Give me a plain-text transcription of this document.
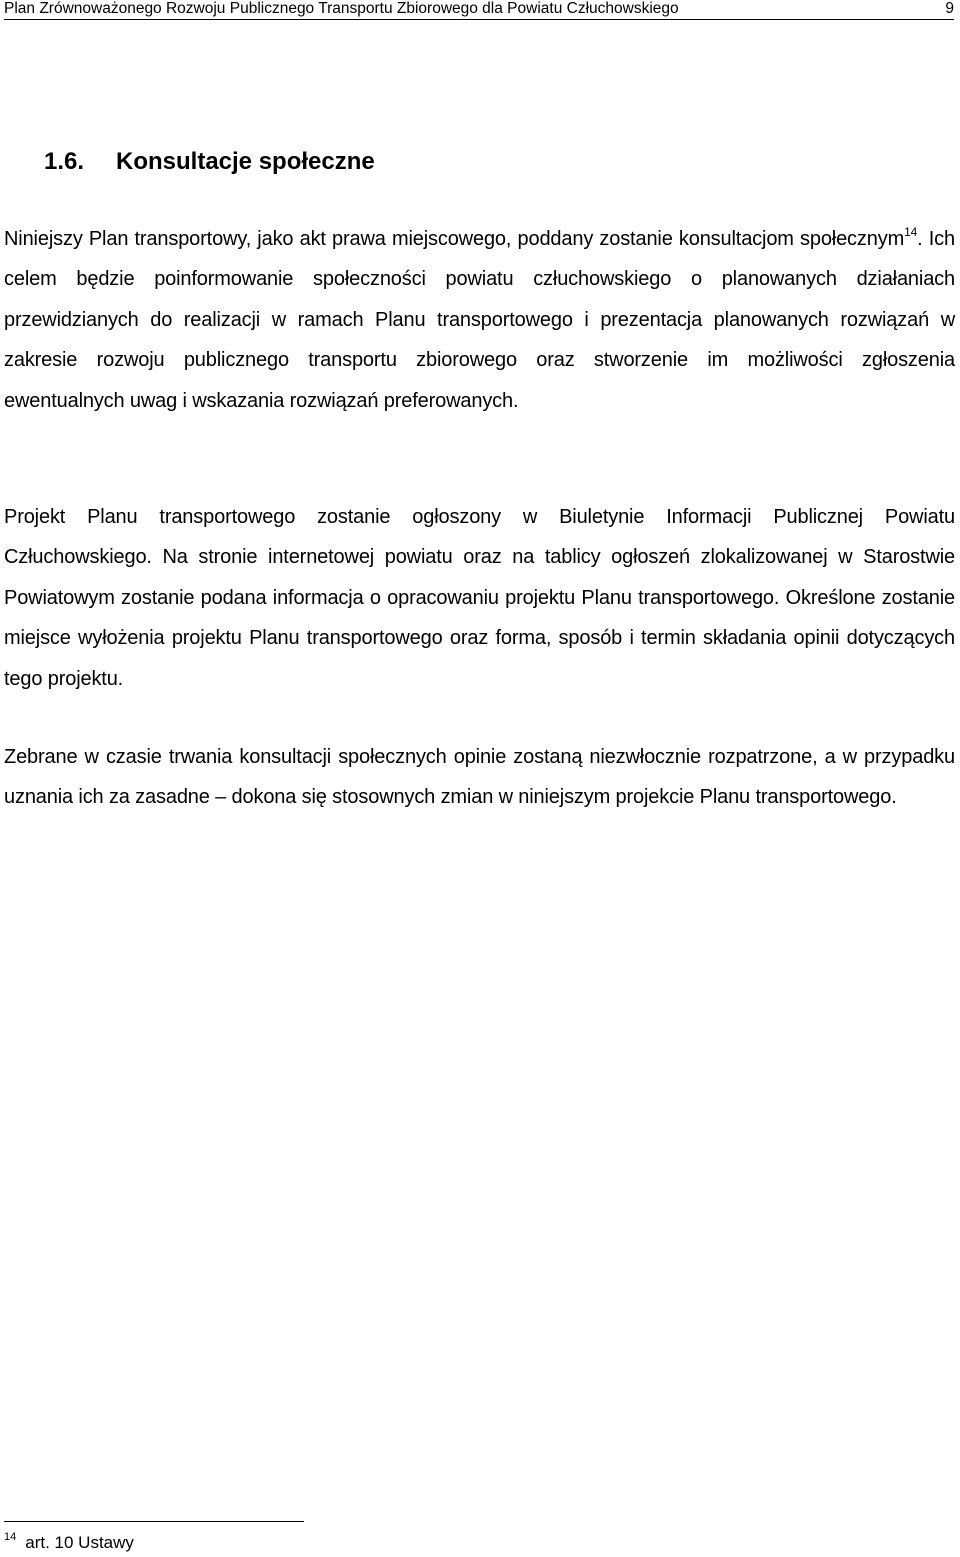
Plan Zrównoważonego Rozwoju Publicznego Transportu Zbiorowego dla Powiatu Człuchowskiego	9
1.6. Konsultacje społeczne

Niniejszy Plan transportowy, jako akt prawa miejscowego, poddany zostanie konsultacjom społecznym$^{14}$. Ich celem będzie poinformowanie społeczności powiatu człuchowskiego o planowanych działaniach przewidzianych do realizacji w ramach Planu transportowego i prezentacja planowanych rozwiązań w zakresie rozwoju publicznego transportu zbiorowego oraz stworzenie im możliwości zgłoszenia ewentualnych uwag i wskazania rozwiązań preferowanych.

Projekt Planu transportowego zostanie ogłoszony w Biuletynie Informacji Publicznej Powiatu Człuchowskiego. Na stronie internetowej powiatu oraz na tablicy ogłoszeń zlokalizowanej w Starostwie Powiatowym zostanie podana informacja o opracowaniu projektu Planu transportowego. Określone zostanie miejsce wyłożenia projektu Planu transportowego oraz forma, sposób i termin składania opinii dotyczących tego projektu.

Zebrane w czasie trwania konsultacji społecznych opinie zostaną niezwłocznie rozpatrzone, a w przypadku uznania ich za zasadne – dokona się stosownych zmian w niniejszym projekcie Planu transportowego.

$^{14}$ art. 10 Ustawy
